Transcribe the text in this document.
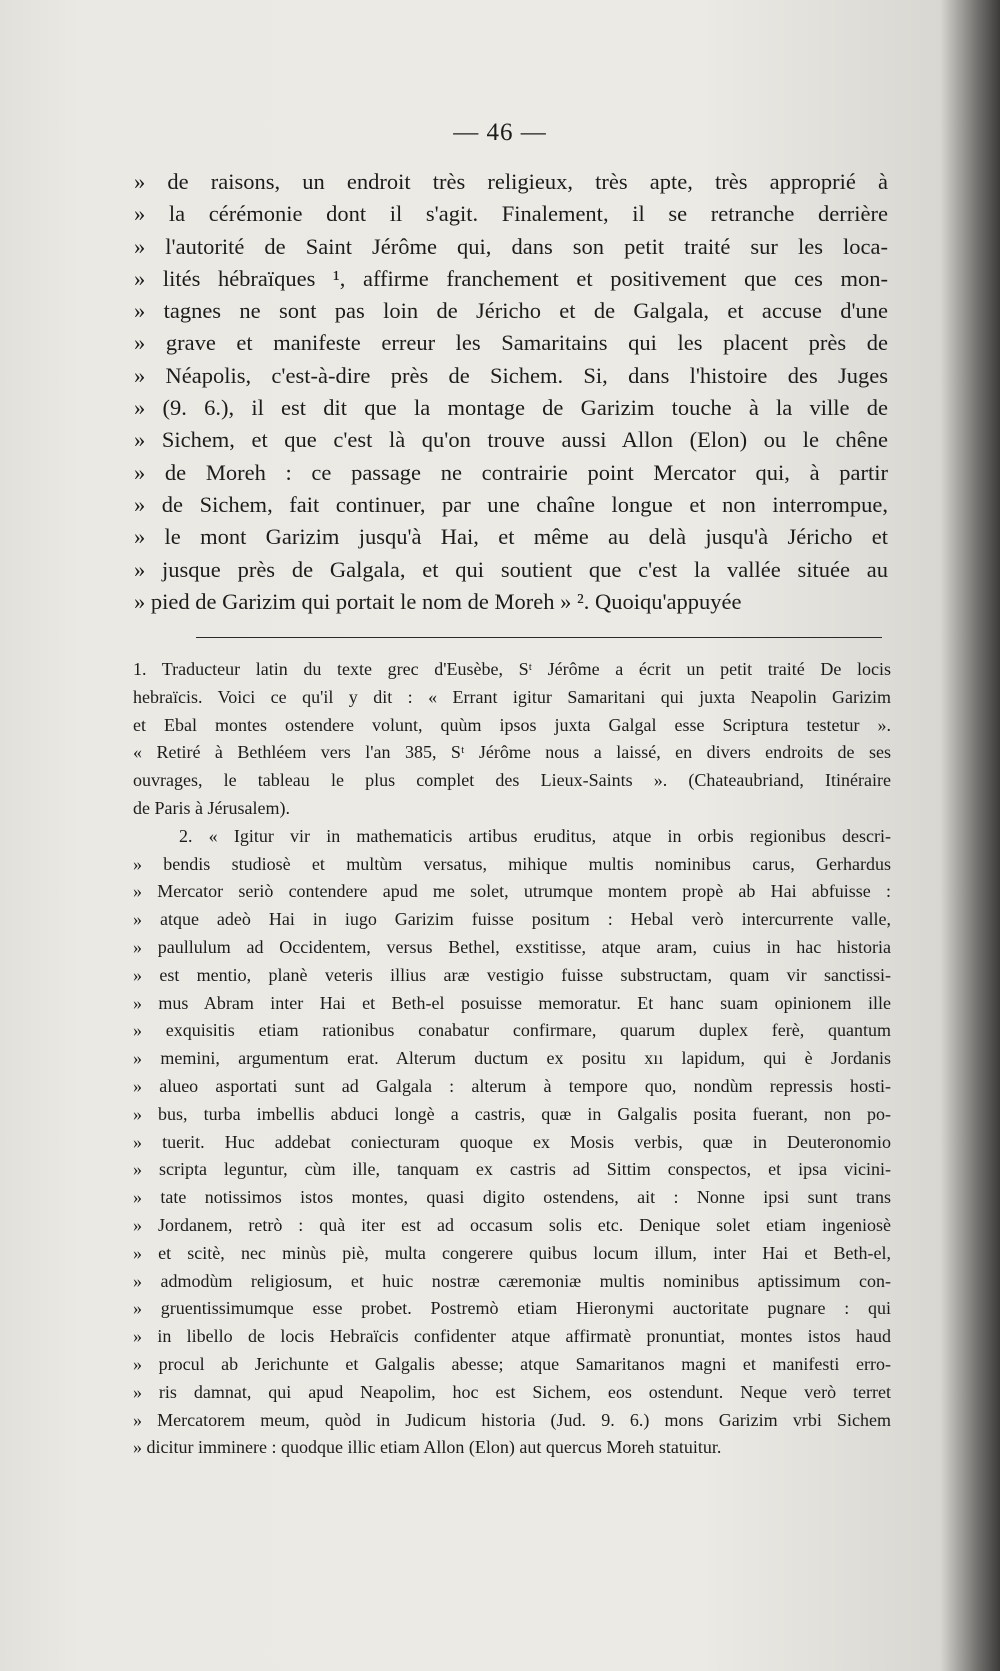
— 46 —
» de raisons, un endroit très religieux, très apte, très approprié à
» la cérémonie dont il s'agit. Finalement, il se retranche derrière
» l'autorité de Saint Jérôme qui, dans son petit traité sur les loca-
» lités hébraïques ¹, affirme franchement et positivement que ces mon-
» tagnes ne sont pas loin de Jéricho et de Galgala, et accuse d'une
» grave et manifeste erreur les Samaritains qui les placent près de
» Néapolis, c'est-à-dire près de Sichem. Si, dans l'histoire des Juges
» (9. 6.), il est dit que la montage de Garizim touche à la ville de
» Sichem, et que c'est là qu'on trouve aussi Allon (Elon) ou le chêne
» de Moreh : ce passage ne contrairie point Mercator qui, à partir
» de Sichem, fait continuer, par une chaîne longue et non interrompue,
» le mont Garizim jusqu'à Hai, et même au delà jusqu'à Jéricho et
» jusque près de Galgala, et qui soutient que c'est la vallée située au
» pied de Garizim qui portait le nom de Moreh » ². Quoiqu'appuyée
1. Traducteur latin du texte grec d'Eusèbe, Sᵗ Jérôme a écrit un petit traité De locis
hebraïcis. Voici ce qu'il y dit : « Errant igitur Samaritani qui juxta Neapolin Garizim
et Ebal montes ostendere volunt, quùm ipsos juxta Galgal esse Scriptura testetur ».
« Retiré à Bethléem vers l'an 385, Sᵗ Jérôme nous a laissé, en divers endroits de ses
ouvrages, le tableau le plus complet des Lieux-Saints ». (Chateaubriand, Itinéraire
de Paris à Jérusalem).
2. « Igitur vir in mathematicis artibus eruditus, atque in orbis regionibus descri-
» bendis studiosè et multùm versatus, mihique multis nominibus carus, Gerhardus
» Mercator seriò contendere apud me solet, utrumque montem propè ab Hai abfuisse :
» atque adeò Hai in iugo Garizim fuisse positum : Hebal verò intercurrente valle,
» paullulum ad Occidentem, versus Bethel, exstitisse, atque aram, cuius in hac historia
» est mentio, planè veteris illius aræ vestigio fuisse substructam, quam vir sanctissi-
» mus Abram inter Hai et Beth-el posuisse memoratur. Et hanc suam opinionem ille
» exquisitis etiam rationibus conabatur confirmare, quarum duplex ferè, quantum
» memini, argumentum erat. Alterum ductum ex positu xıı lapidum, qui è Jordanis
» alueo asportati sunt ad Galgala : alterum à tempore quo, nondùm repressis hosti-
» bus, turba imbellis abduci longè a castris, quæ in Galgalis posita fuerant, non po-
» tuerit. Huc addebat coniecturam quoque ex Mosis verbis, quæ in Deuteronomio
» scripta leguntur, cùm ille, tanquam ex castris ad Sittim conspectos, et ipsa vicini-
» tate notissimos istos montes, quasi digito ostendens, ait : Nonne ipsi sunt trans
» Jordanem, retrò : quà iter est ad occasum solis etc. Denique solet etiam ingeniosè
» et scitè, nec minùs piè, multa congerere quibus locum illum, inter Hai et Beth-el,
» admodùm religiosum, et huic nostræ cæremoniæ multis nominibus aptissimum con-
» gruentissimumque esse probet. Postremò etiam Hieronymi auctoritate pugnare : qui
» in libello de locis Hebraïcis confidenter atque affirmatè pronuntiat, montes istos haud
» procul ab Jerichunte et Galgalis abesse; atque Samaritanos magni et manifesti erro-
» ris damnat, qui apud Neapolim, hoc est Sichem, eos ostendunt. Neque verò terret
» Mercatorem meum, quòd in Judicum historia (Jud. 9. 6.) mons Garizim vrbi Sichem
» dicitur imminere : quodque illic etiam Allon (Elon) aut quercus Moreh statuitur.
